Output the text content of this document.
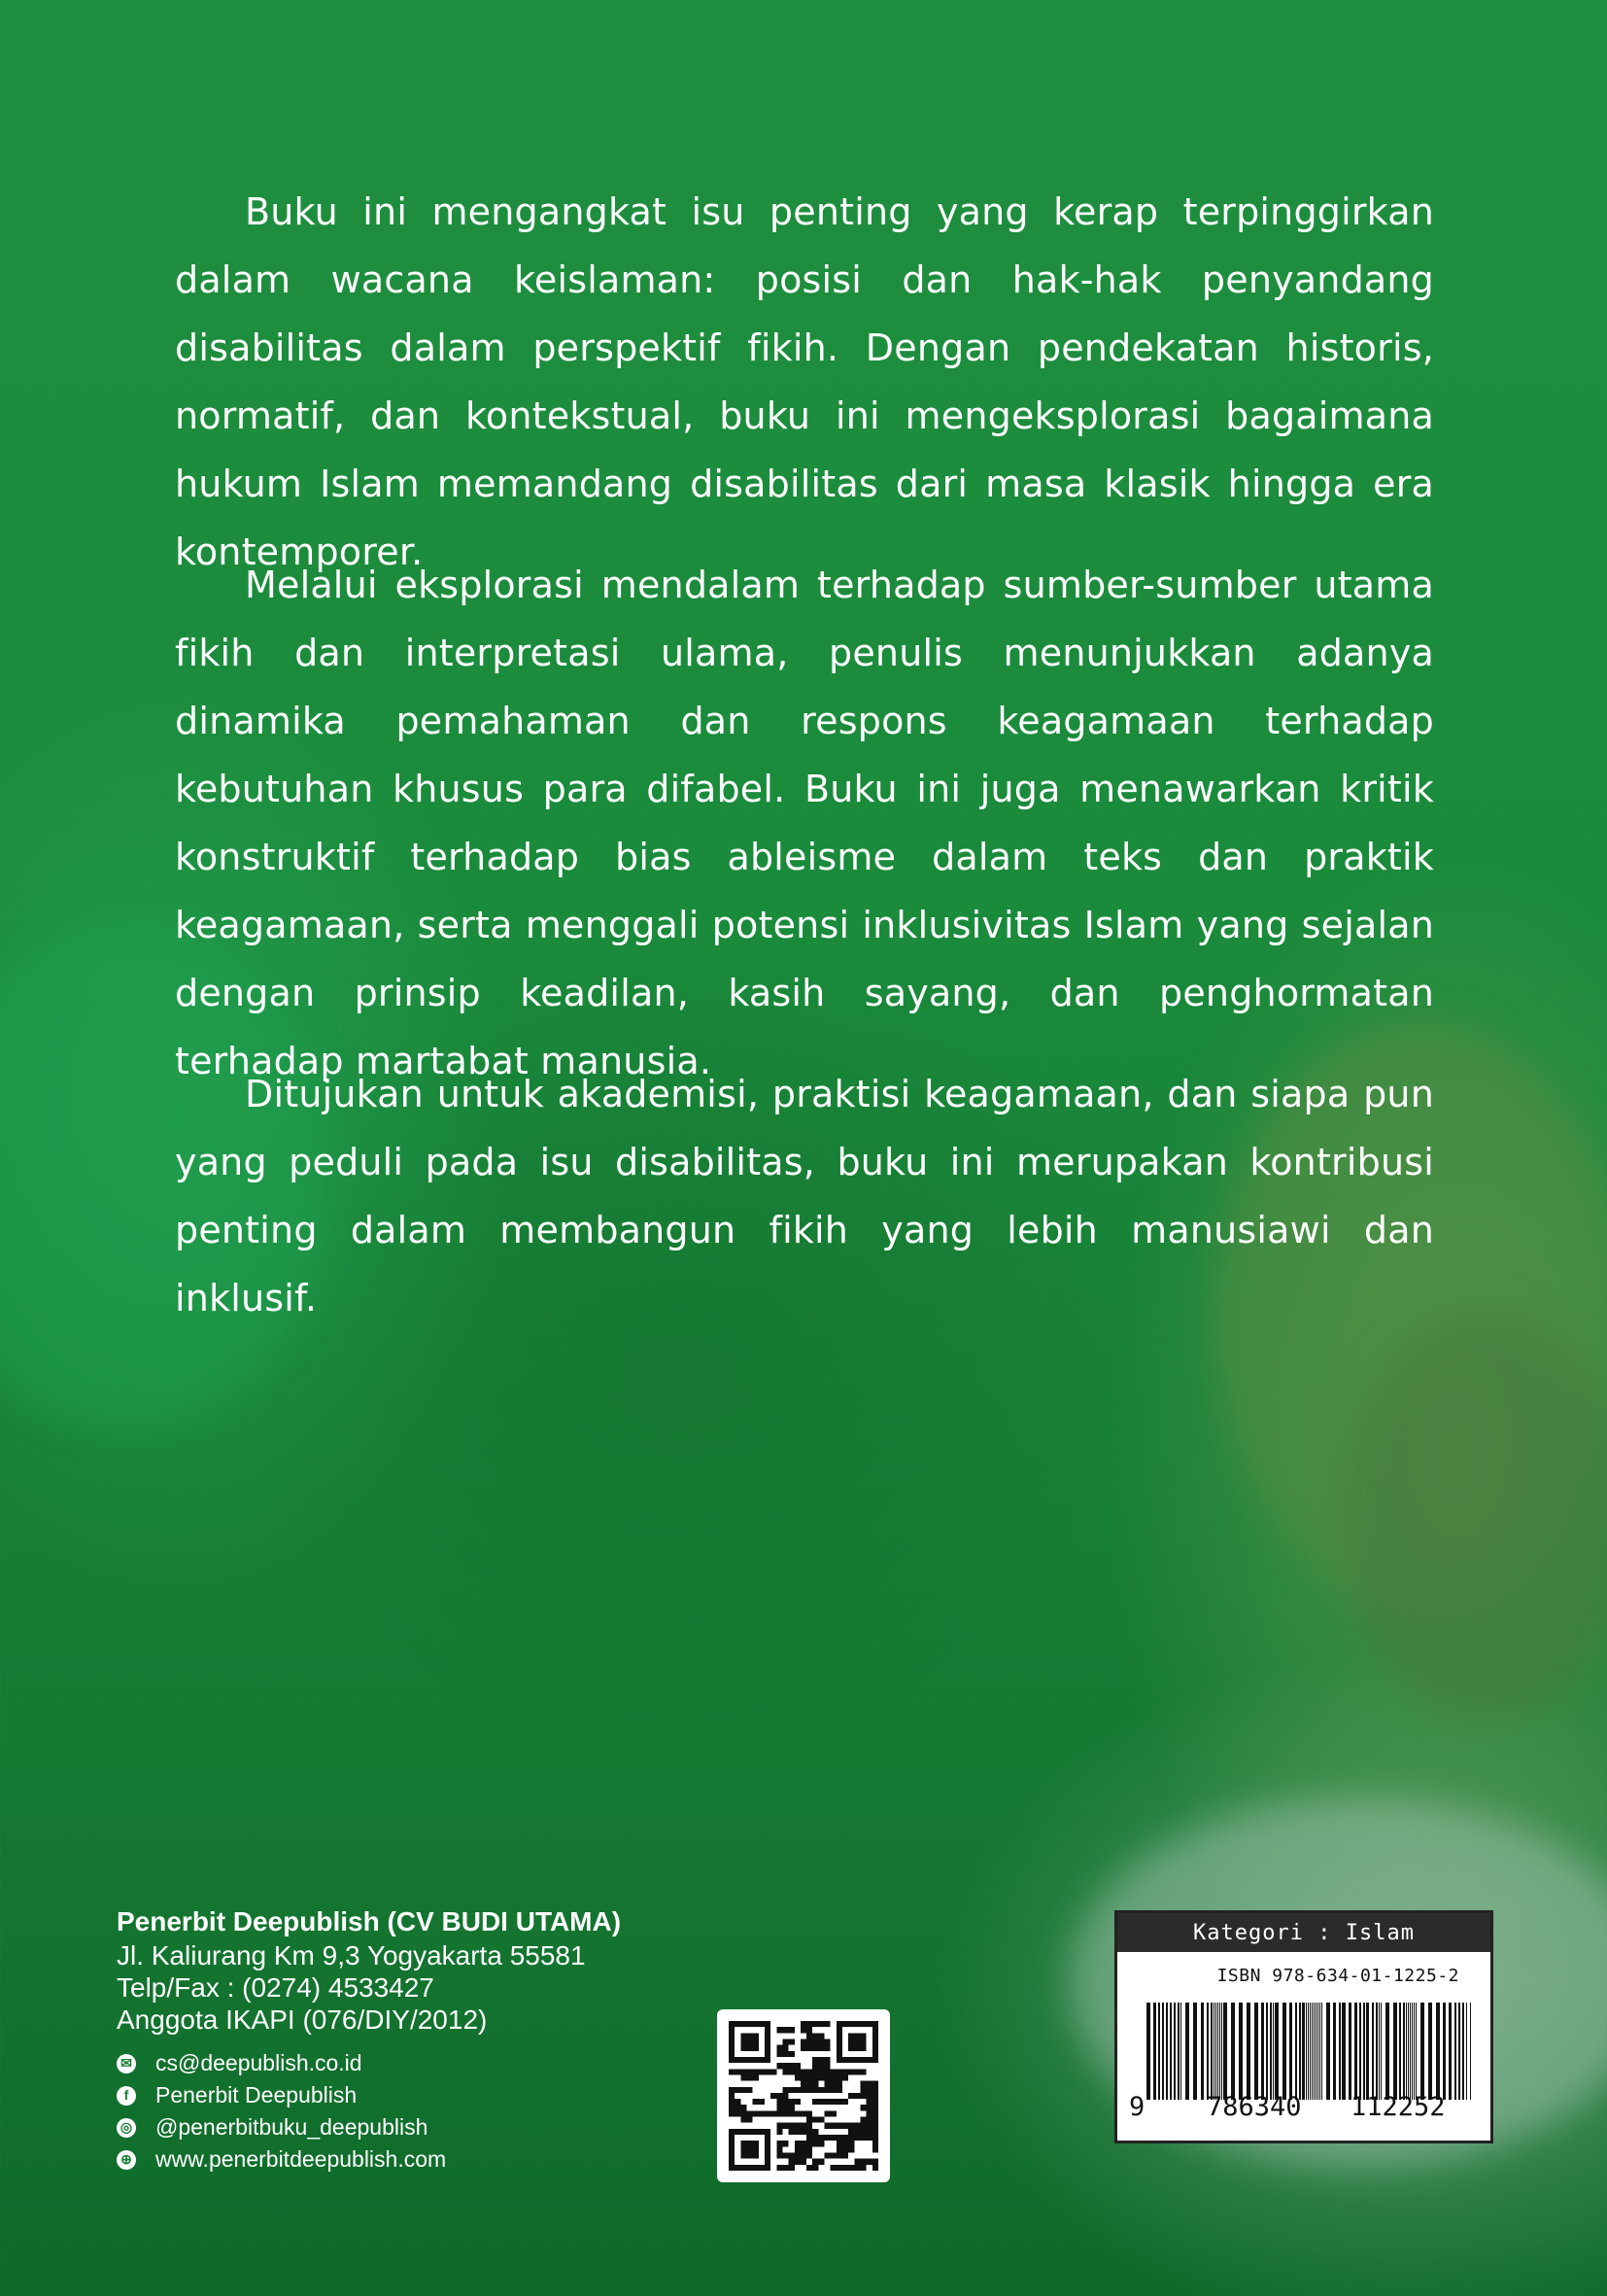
Buku ini mengangkat isu penting yang kerap terpinggirkan dalam wacana keislaman: posisi dan hak-hak penyandang disabilitas dalam perspektif fikih. Dengan pendekatan historis, normatif, dan kontekstual, buku ini mengeksplorasi bagaimana hukum Islam memandang disabilitas dari masa klasik hingga era kontemporer.

Melalui eksplorasi mendalam terhadap sumber-sumber utama fikih dan interpretasi ulama, penulis menunjukkan adanya dinamika pemahaman dan respons keagamaan terhadap kebutuhan khusus para difabel. Buku ini juga menawarkan kritik konstruktif terhadap bias ableisme dalam teks dan praktik keagamaan, serta menggali potensi inklusivitas Islam yang sejalan dengan prinsip keadilan, kasih sayang, dan penghormatan terhadap martabat manusia.

Ditujukan untuk akademisi, praktisi keagamaan, dan siapa pun yang peduli pada isu disabilitas, buku ini merupakan kontribusi penting dalam membangun fikih yang lebih manusiawi dan inklusif.

Penerbit Deepublish (CV BUDI UTAMA)
Jl. Kaliurang Km 9,3 Yogyakarta 55581
Telp/Fax : (0274) 4533427
Anggota IKAPI (076/DIY/2012)
✉ cs@deepublish.co.id
f	Penerbit Deepublish
◎ @penerbitbuku_deepublish
⊕ www.penerbitdeepublish.com
Kategori : Islam
ISBN 978-634-01-1225-2
9 786340 112252
